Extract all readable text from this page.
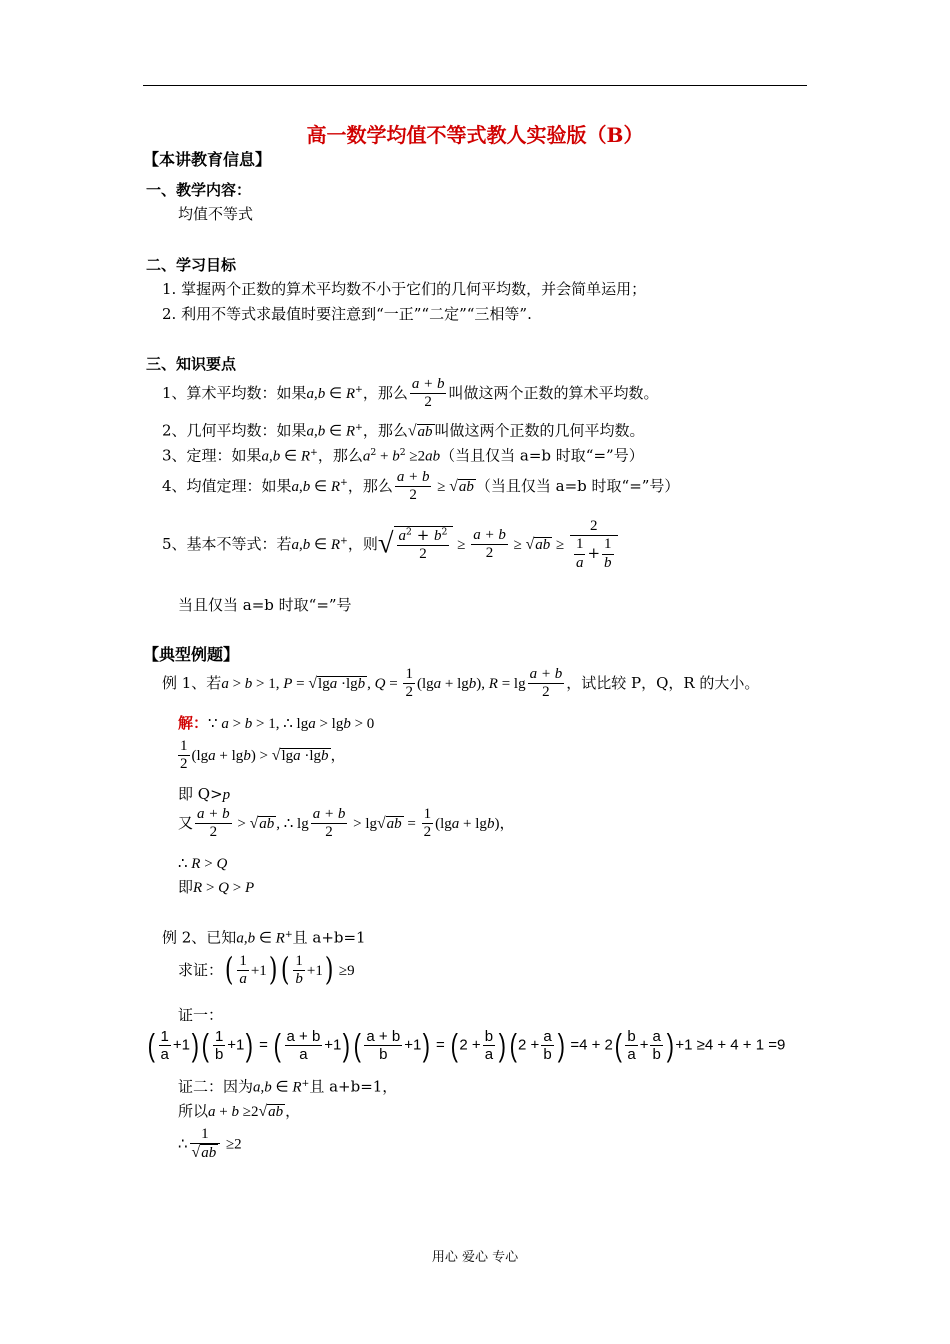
高一数学均值不等式教人实验版（B）
【本讲教育信息】
一、教学内容：
均值不等式
二、学习目标
1. 掌握两个正数的算术平均数不小于它们的几何平均数，并会简单运用；
2. 利用不等式求最值时要注意到“一正”“二定”“三相等”.
三、知识要点
1、算术平均数：如果a,b ∈ R+，那么 $\frac{a + b}{2}$ 叫做这两个正数的算术平均数。
2、几何平均数：如果a,b ∈ R+，那么√ab 叫做这两个正数的几何平均数。
3、定理：如果a,b ∈ R+，那么$a^2 + b^2 \ge 2ab$（当且仅当 a=b 时取“=”号）
4、均值定理：如果a,b ∈ R+，那么 $\frac{a + b}{2} \ge √ab$ （当且仅当 a=b 时取“=”号）
5、基本不等式：若a,b ∈ R+，则√ $\frac{a^2 + b^2}{2} \ge \frac{a + b}{2} \ge √ab \ge \frac{2}{\frac{1}{a} + \frac{1}{b}}$
当且仅当 a=b 时取“=”号
【典型例题】
例 1、若a > b > 1, P = √lga ·lgb , $Q = \frac{1}{2} (\lg a + \lg b)$, $R = \lg \frac{a + b}{2}$ ，试比较 P，Q，R 的大小。
解：∵ a > b > 1, ∴ lga > lgb > 0
$\frac{1}{2} (\lg a + \lg b) > √\lg a \cdot\lg b$ ，
即 Q>p
又 $\frac{a + b}{2} > √ab$ , ∴ $\lg \frac{a + b}{2} > \lg√ab = \frac{1}{2} (\lg a + \lg b)$，
∴ R > Q
即R > Q > P
例 2、已知a,b ∈ R+且 a+b=1
求证：( $\frac{1}{a} +1$) ( $\frac{1}{b} +1) \ge 9$
证一：
( $\frac{1}{a} +1)( \frac{1}{b} +1)$ = ( $\frac{a + b}{a} +1$) ( $\frac{a + b}{b} +1$) = ( $2 + \frac{b}{a}$ )( $2 + \frac{a}{b}$ ) $=4 + 2( \frac{b}{a} + \frac{a}{b}$ ) +1 ≥4 + 4 + 1 =9
证二：因为a,b ∈ R+且 a+b=1，
所以a + b ≥2√ab ，
∴ $\frac{1}{√ab} \ge 2$
用心 爱心 专心
